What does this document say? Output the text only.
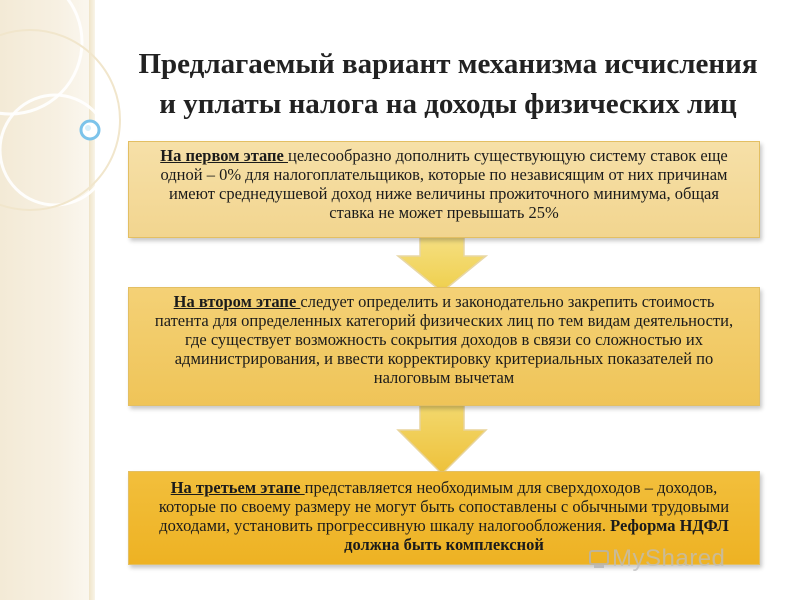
Предлагаемый вариант механизма исчисления
и уплаты налога на доходы физических лиц
На первом этапе целесообразно дополнить существующую систему ставок еще одной – 0% для налогоплательщиков, которые по независящим от них причинам имеют среднедушевой доход ниже величины прожиточного минимума, общая ставка не может превышать 25%
На втором этапе следует определить и законодательно закрепить стоимость патента для определенных категорий физических лиц по тем видам деятельности, где существует возможность сокрытия доходов в связи со сложностью их администрирования, и ввести корректировку критериальных показателей по налоговым вычетам
На третьем этапе представляется необходимым для сверхдоходов – доходов, которые по своему размеру не могут быть сопоставлены с обычными трудовыми доходами, установить прогрессивную шкалу налогообложения. Реформа НДФЛ должна быть комплексной
MyShared
